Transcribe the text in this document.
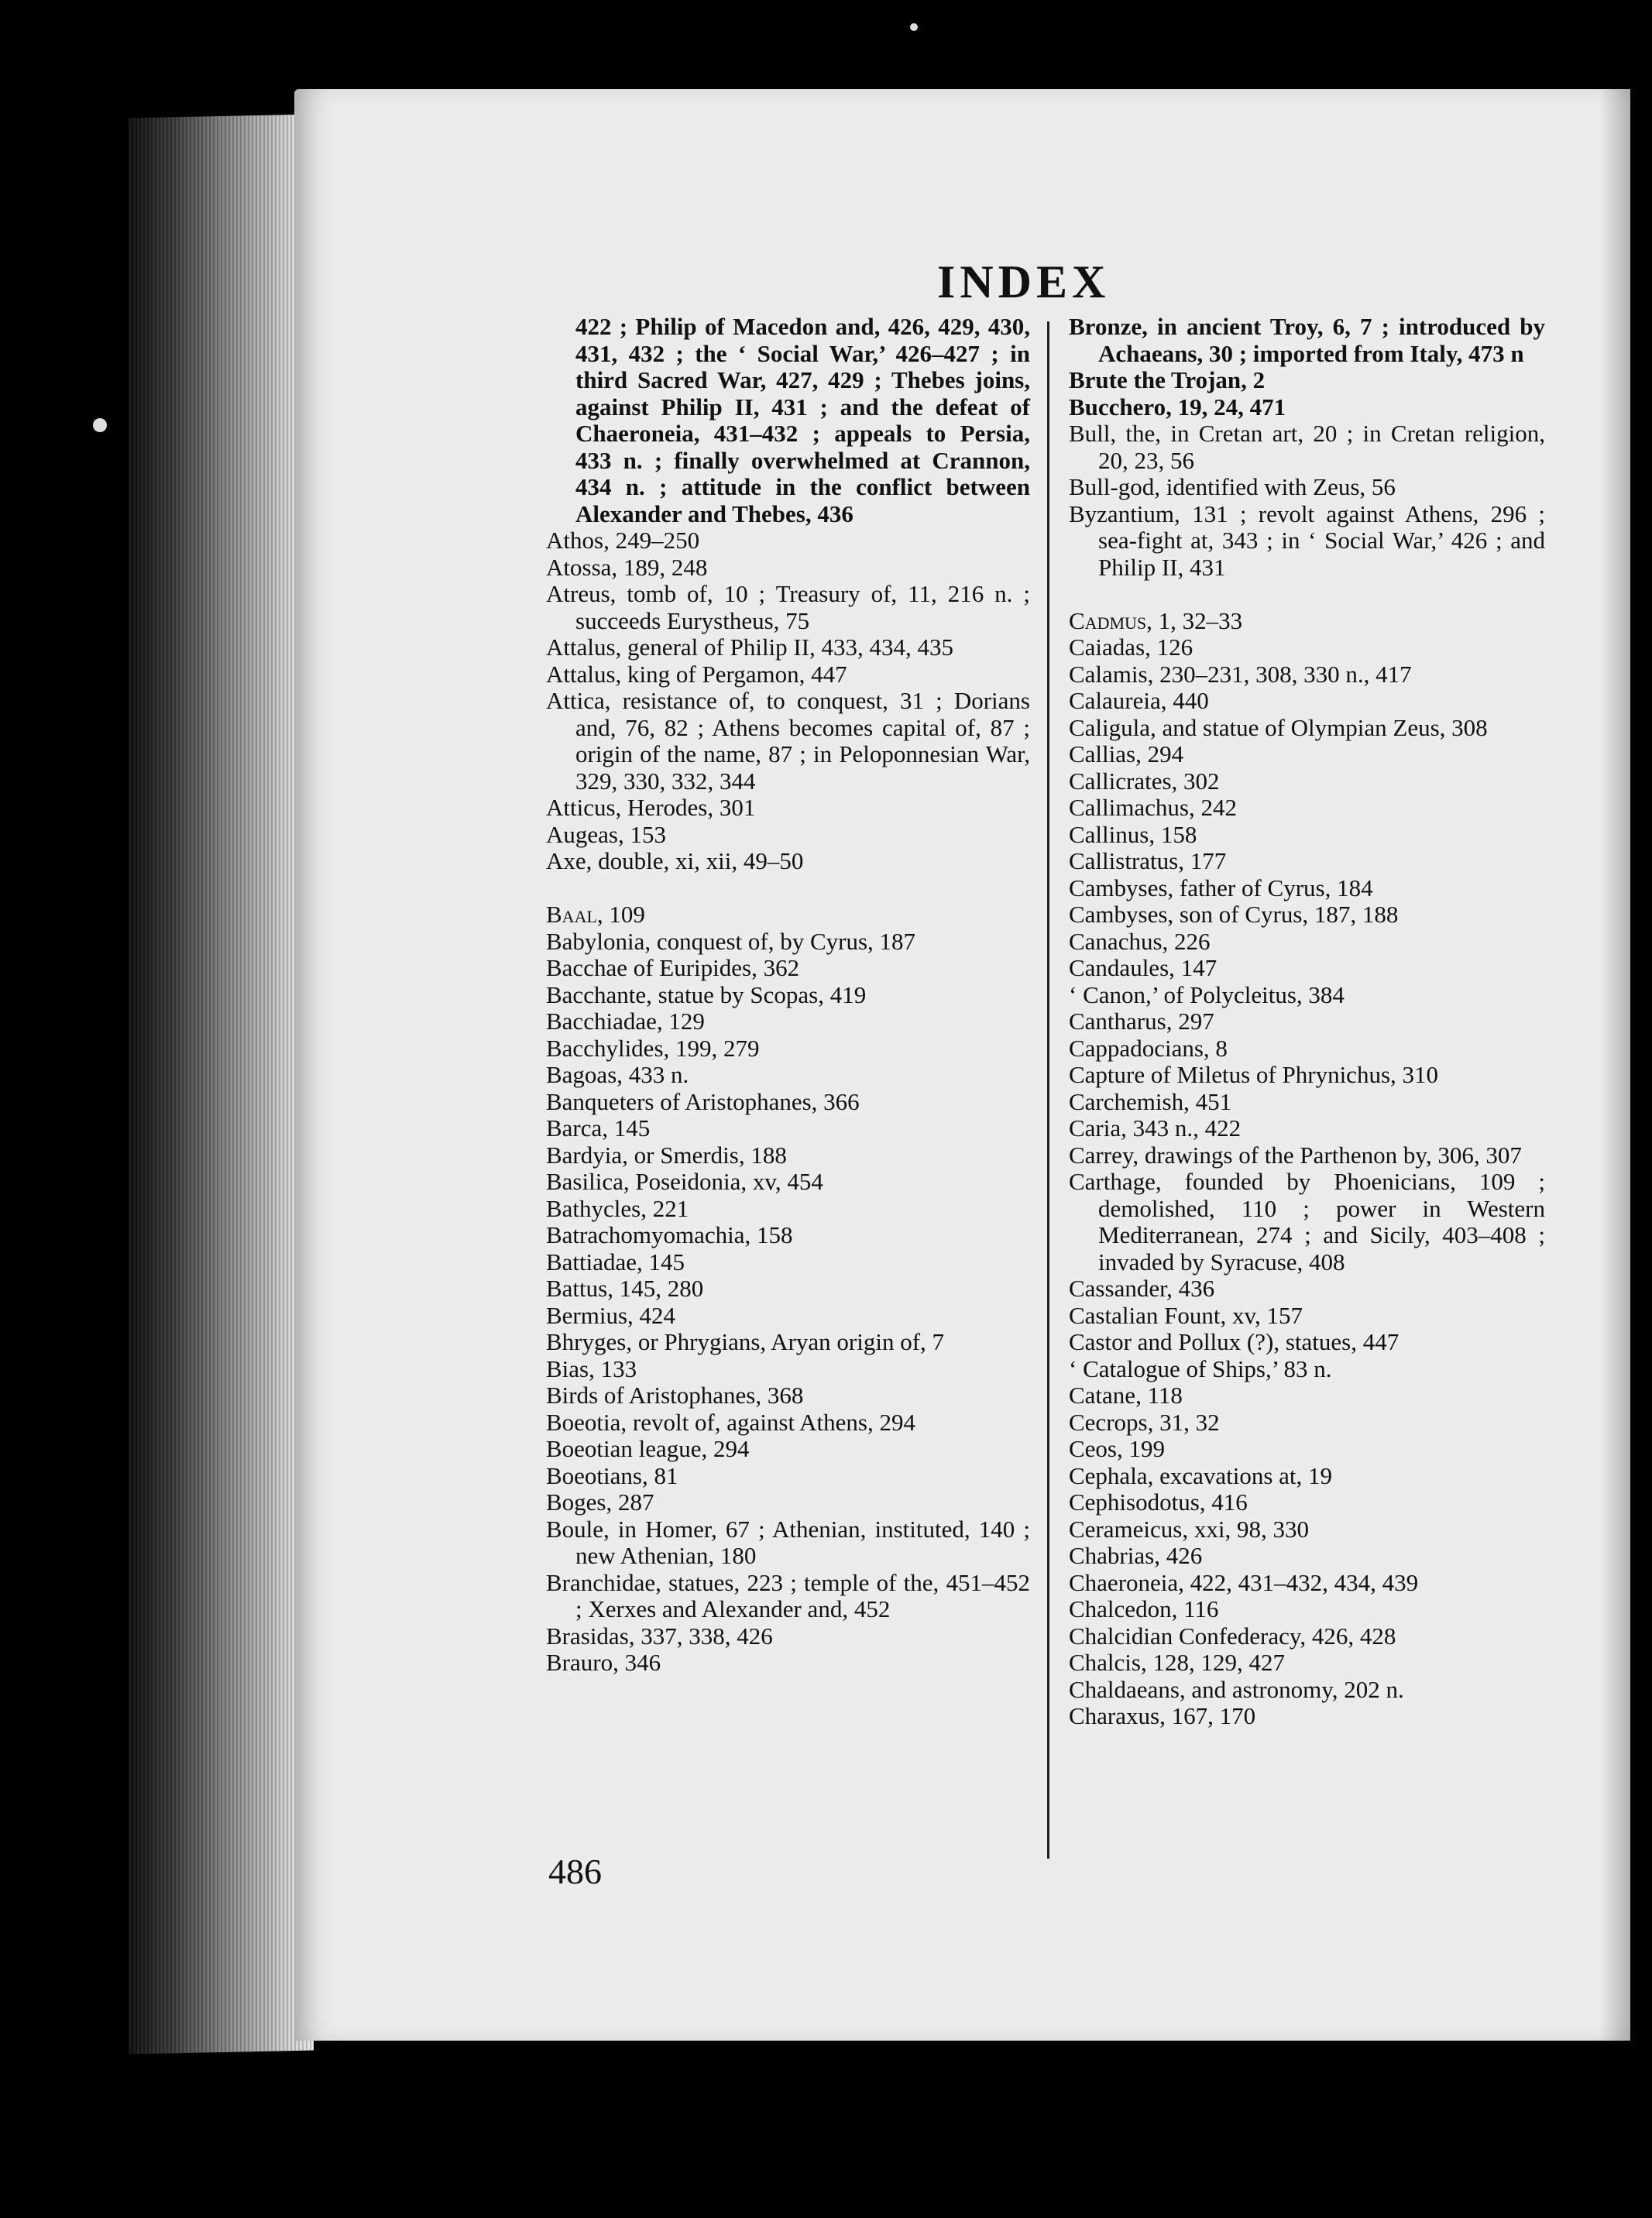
INDEX
422 ; Philip of Macedon and, 426, 429, 430, 431, 432 ; the ‘ Social War,’ 426–427 ; in third Sacred War, 427, 429 ; Thebes joins, against Philip II, 431 ; and the defeat of Chaeroneia, 431–432 ; appeals to Persia, 433 n. ; finally overwhelmed at Crannon, 434 n. ; attitude in the conflict between Alexander and Thebes, 436
Athos, 249–250
Atossa, 189, 248
Atreus, tomb of, 10 ; Treasury of, 11, 216 n. ; succeeds Eurystheus, 75
Attalus, general of Philip II, 433, 434, 435
Attalus, king of Pergamon, 447
Attica, resistance of, to conquest, 31 ; Dorians and, 76, 82 ; Athens becomes capital of, 87 ; origin of the name, 87 ; in Peloponnesian War, 329, 330, 332, 344
Atticus, Herodes, 301
Augeas, 153
Axe, double, xi, xii, 49–50
Baal, 109
Babylonia, conquest of, by Cyrus, 187
Bacchae of Euripides, 362
Bacchante, statue by Scopas, 419
Bacchiadae, 129
Bacchylides, 199, 279
Bagoas, 433 n.
Banqueters of Aristophanes, 366
Barca, 145
Bardyia, or Smerdis, 188
Basilica, Poseidonia, xv, 454
Bathycles, 221
Batrachomyomachia, 158
Battiadae, 145
Battus, 145, 280
Bermius, 424
Bhryges, or Phrygians, Aryan origin of, 7
Bias, 133
Birds of Aristophanes, 368
Boeotia, revolt of, against Athens, 294
Boeotian league, 294
Boeotians, 81
Boges, 287
Boule, in Homer, 67 ; Athenian, instituted, 140 ; new Athenian, 180
Branchidae, statues, 223 ; temple of the, 451–452 ; Xerxes and Alexander and, 452
Brasidas, 337, 338, 426
Brauro, 346
Bronze, in ancient Troy, 6, 7 ; introduced by Achaeans, 30 ; imported from Italy, 473 n
Brute the Trojan, 2
Bucchero, 19, 24, 471
Bull, the, in Cretan art, 20 ; in Cretan religion, 20, 23, 56
Bull-god, identified with Zeus, 56
Byzantium, 131 ; revolt against Athens, 296 ; sea-fight at, 343 ; in ‘ Social War,’ 426 ; and Philip II, 431
Cadmus, 1, 32–33
Caiadas, 126
Calamis, 230–231, 308, 330 n., 417
Calaureia, 440
Caligula, and statue of Olympian Zeus, 308
Callias, 294
Callicrates, 302
Callimachus, 242
Callinus, 158
Callistratus, 177
Cambyses, father of Cyrus, 184
Cambyses, son of Cyrus, 187, 188
Canachus, 226
Candaules, 147
‘ Canon,’ of Polycleitus, 384
Cantharus, 297
Cappadocians, 8
Capture of Miletus of Phrynichus, 310
Carchemish, 451
Caria, 343 n., 422
Carrey, drawings of the Parthenon by, 306, 307
Carthage, founded by Phoenicians, 109 ; demolished, 110 ; power in Western Mediterranean, 274 ; and Sicily, 403–408 ; invaded by Syracuse, 408
Cassander, 436
Castalian Fount, xv, 157
Castor and Pollux (?), statues, 447
‘ Catalogue of Ships,’ 83 n.
Catane, 118
Cecrops, 31, 32
Ceos, 199
Cephala, excavations at, 19
Cephisodotus, 416
Cerameicus, xxi, 98, 330
Chabrias, 426
Chaeroneia, 422, 431–432, 434, 439
Chalcedon, 116
Chalcidian Confederacy, 426, 428
Chalcis, 128, 129, 427
Chaldaeans, and astronomy, 202 n.
Charaxus, 167, 170
486
